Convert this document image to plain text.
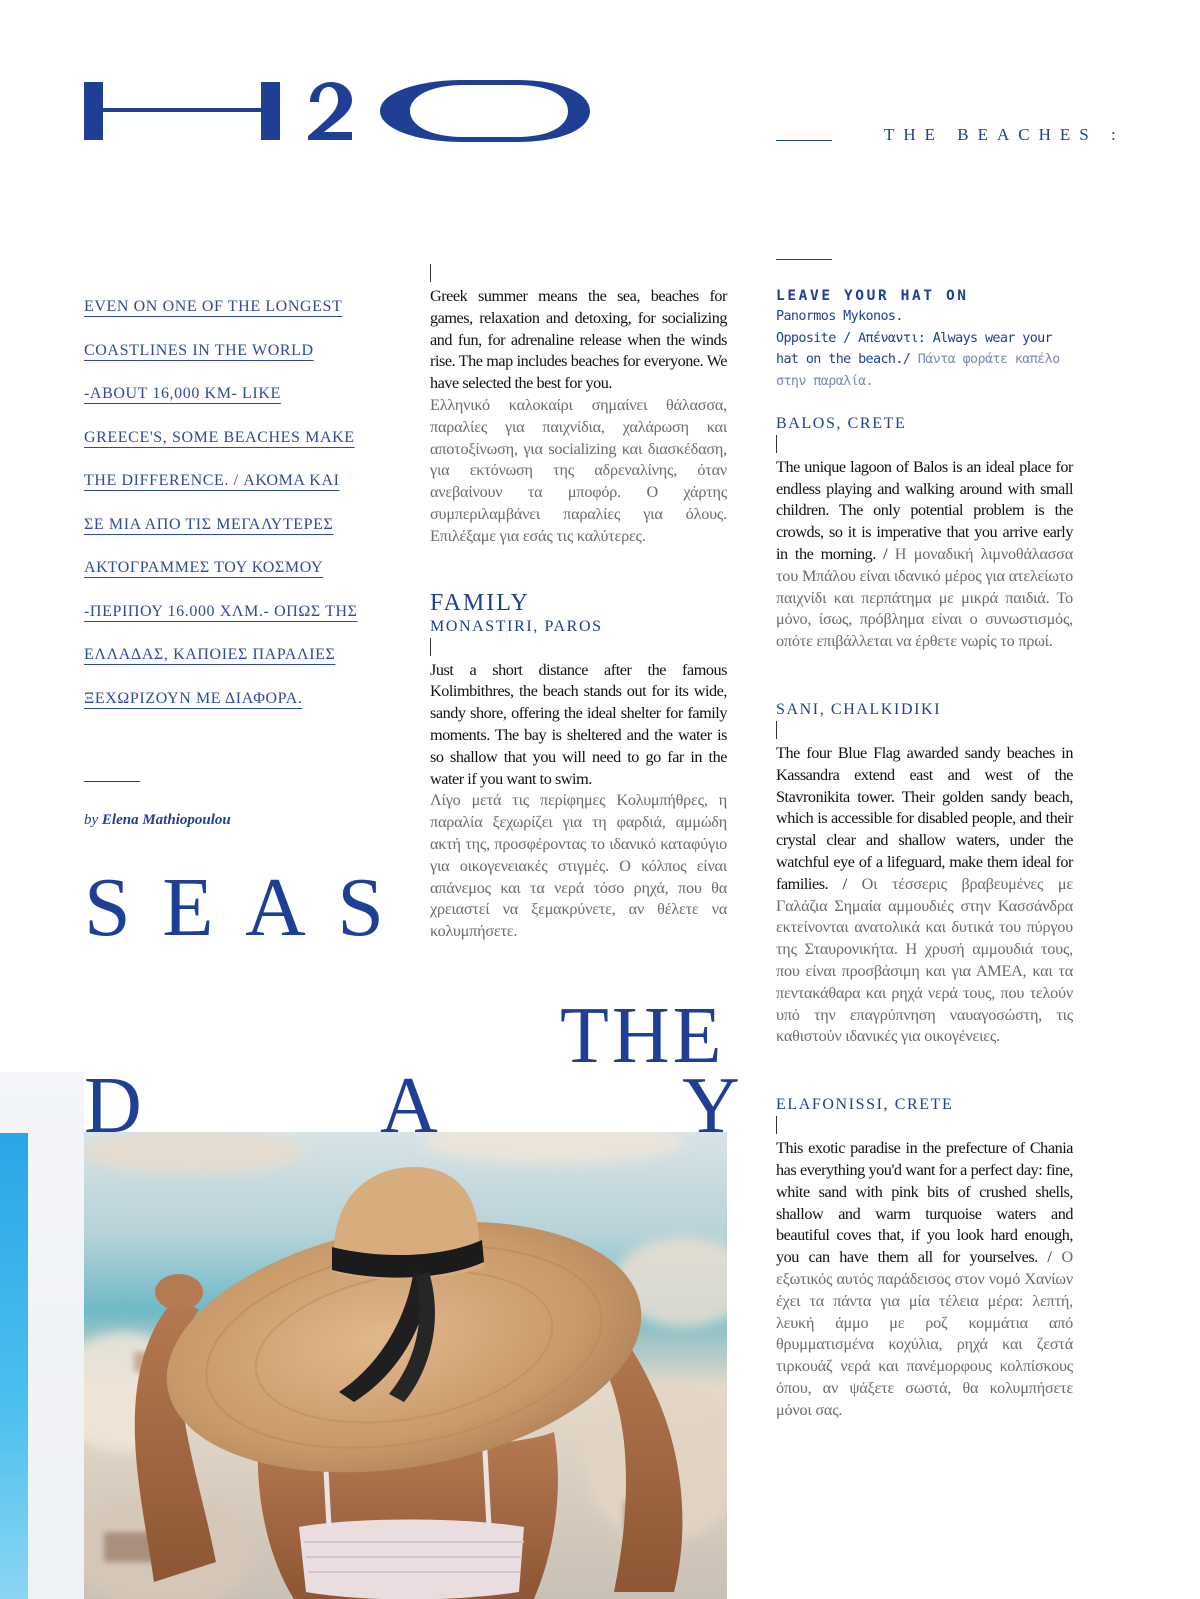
THE BEACHES :
EVEN ON ONE OF THE LONGEST
COASTLINES IN THE WORLD
-ABOUT 16,000 KM- LIKE
GREECE'S, SOME BEACHES MAKE
THE DIFFERENCE. / ΑΚΟΜΑ ΚΑΙ
ΣΕ ΜΙΑ ΑΠΟ ΤΙΣ ΜΕΓΑΛΥΤΕΡΕΣ
ΑΚΤΟΓΡΑΜΜΕΣ ΤΟΥ ΚΟΣΜΟΥ
-ΠΕΡΙΠΟΥ 16.000 ΧΛΜ.- ΟΠΩΣ ΤΗΣ
ΕΛΛΑΔΑΣ, ΚΑΠΟΙΕΣ ΠΑΡΑΛΙΕΣ
ΞΕΧΩΡΙΖΟΥΝ ΜΕ ΔΙΑΦΟΡΑ.
by Elena Mathiopoulou
S E A S
THE
D	A	Y

Greek summer means the sea, beaches for games, relaxation and detoxing, for socializing and fun, for adrenaline release when the winds rise. The map includes beaches for everyone. We have selected the best for you.

Ελληνικό καλοκαίρι σημαίνει θάλασσα, παραλίες για παιχνίδια, χαλάρωση και αποτοξίνωση, για socializing και διασκέδαση, για εκτόνωση της αδρεναλίνης, όταν ανεβαίνουν τα μποφόρ. Ο χάρτης συμπεριλαμβάνει παραλίες για όλους. Επιλέξαμε για εσάς τις καλύτερες.

FAMILY
MONASTIRI, PAROS

Just a short distance after the famous Kolimbithres, the beach stands out for its wide, sandy shore, offering the ideal shelter for family moments. The bay is sheltered and the water is so shallow that you will need to go far in the water if you want to swim.

Λίγο μετά τις περίφημες Κολυμπήθρες, η παραλία ξεχωρίζει για τη φαρδιά, αμμώδη ακτή της, προσφέροντας το ιδανικό καταφύγιο για οικογενειακές στιγμές. Ο κόλπος είναι απάνεμος και τα νερά τόσο ρηχά, που θα χρειαστεί να ξεμακρύνετε, αν θέλετε να κολυμπήσετε.

LEAVE YOUR HAT ON
Panormos Mykonos.
Opposite / Απέναντι: Always wear your hat on the beach./ Πάντα φοράτε καπέλο στην παραλία.
BALOS, CRETE

The unique lagoon of Balos is an ideal place for endless playing and walking around with small children. The only potential problem is the crowds, so it is imperative that you arrive early in the morning. / Η μοναδική λιμνοθάλασσα του Μπάλου είναι ιδανικό μέρος για ατελείωτο παιχνίδι και περπάτημα με μικρά παιδιά. Το μόνο, ίσως, πρόβλημα είναι ο συνωστισμός, οπότε επιβάλλεται να έρθετε νωρίς το πρωί.

SANI, CHALKIDIKI

The four Blue Flag awarded sandy beaches in Kassandra extend east and west of the Stavronikita tower. Their golden sandy beach, which is accessible for disabled people, and their crystal clear and shallow waters, under the watchful eye of a lifeguard, make them ideal for families. / Οι τέσσερις βραβευμένες με Γαλάζια Σημαία αμμουδιές στην Κασσάνδρα εκτείνονται ανατολικά και δυτικά του πύργου της Σταυρονικήτα. Η χρυσή αμμουδιά τους, που είναι προσβάσιμη και για ΑΜΕΑ, και τα πεντακάθαρα και ρηχά νερά τους, που τελούν υπό την επαγρύπνηση ναυαγοσώστη, τις καθιστούν ιδανικές για οικογένειες.

ELAFONISSI, CRETE

This exotic paradise in the prefecture of Chania has everything you'd want for a perfect day: fine, white sand with pink bits of crushed shells, shallow and warm turquoise waters and beautiful coves that, if you look hard enough, you can have them all for yourselves. / Ο εξωτικός αυτός παράδεισος στον νομό Χανίων έχει τα πάντα για μία τέλεια μέρα: λεπτή, λευκή άμμο με ροζ κομμάτια από θρυμματισμένα κοχύλια, ρηχά και ζεστά τιρκουάζ νερά και πανέμορφους κολπίσκους όπου, αν ψάξετε σωστά, θα κολυμπήσετε μόνοι σας.
